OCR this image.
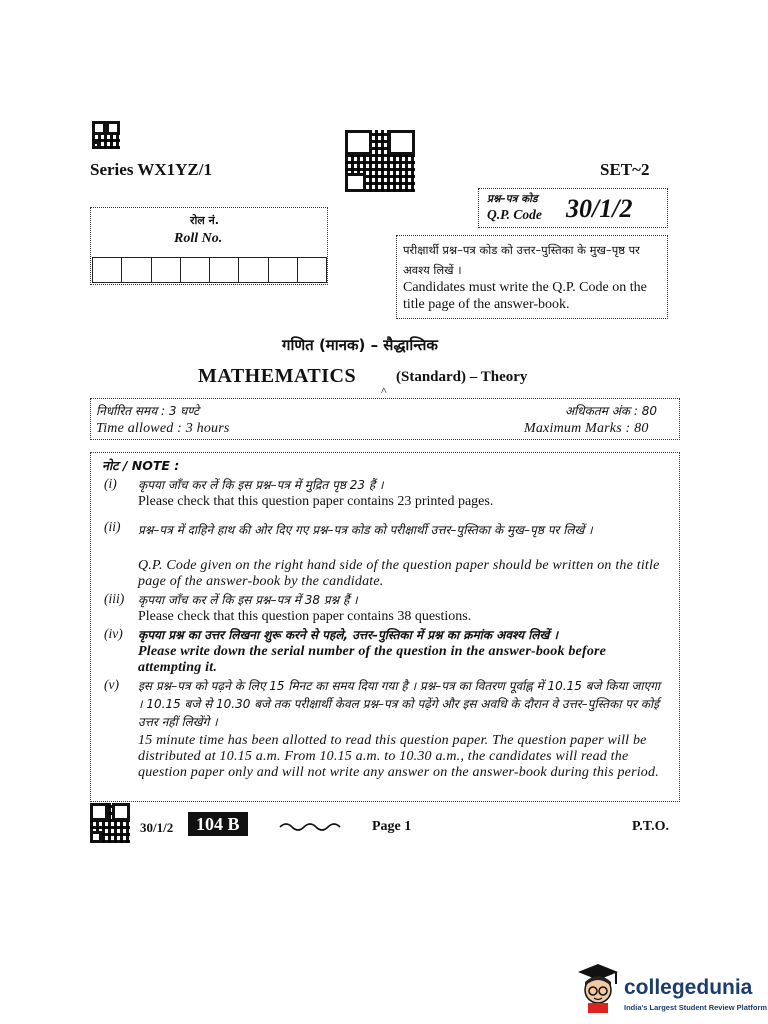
Series WX1YZ/1	SET~2
प्रश्न–पत्र कोड
Q.P. Code 30/1/2
रोल नं.
Roll No.
परीक्षार्थी प्रश्न–पत्र कोड को उत्तर–पुस्तिका के मुख–पृष्ठ पर अवश्य लिखें ।
Candidates must write the Q.P. Code on the title page of the answer-book.
गणित (मानक) – सैद्धान्तिक
MATHEMATICS	(Standard) – Theory
^
निर्धारित समय : 3 घण्टे
Time allowed : 3 hours
अधिकतम अंक : 80
Maximum Marks : 80
नोट / NOTE :
(i) कृपया जाँच कर लें कि इस प्रश्न–पत्र में मुद्रित पृष्ठ 23 हैं ।
Please check that this question paper contains 23 printed pages.
(ii) प्रश्न–पत्र में दाहिने हाथ की ओर दिए गए प्रश्न–पत्र कोड को परीक्षार्थी उत्तर–पुस्तिका के मुख–पृष्ठ पर लिखें ।
Q.P. Code given on the right hand side of the question paper should be written on the title page of the answer-book by the candidate.
(iii) कृपया जाँच कर लें कि इस प्रश्न–पत्र में 38 प्रश्न हैं ।
Please check that this question paper contains 38 questions.
(iv) कृपया प्रश्न का उत्तर लिखना शुरू करने से पहले, उत्तर–पुस्तिका में प्रश्न का क्रमांक अवश्य लिखें ।
Please write down the serial number of the question in the answer-book before attempting it.
(v) इस प्रश्न–पत्र को पढ़ने के लिए 15 मिनट का समय दिया गया है । प्रश्न–पत्र का वितरण पूर्वाह्न में 10.15 बजे किया जाएगा । 10.15 बजे से 10.30 बजे तक परीक्षार्थी केवल प्रश्न–पत्र को पढ़ेंगे और इस अवधि के दौरान वे उत्तर–पुस्तिका पर कोई उत्तर नहीं लिखेंगे ।
15 minute time has been allotted to read this question paper. The question paper will be distributed at 10.15 a.m. From 10.15 a.m. to 10.30 a.m., the candidates will read the question paper only and will not write any answer on the answer-book during this period.
30/1/2	104 B	Page 1	P.T.O.
collegedunia
India's Largest Student Review Platform
